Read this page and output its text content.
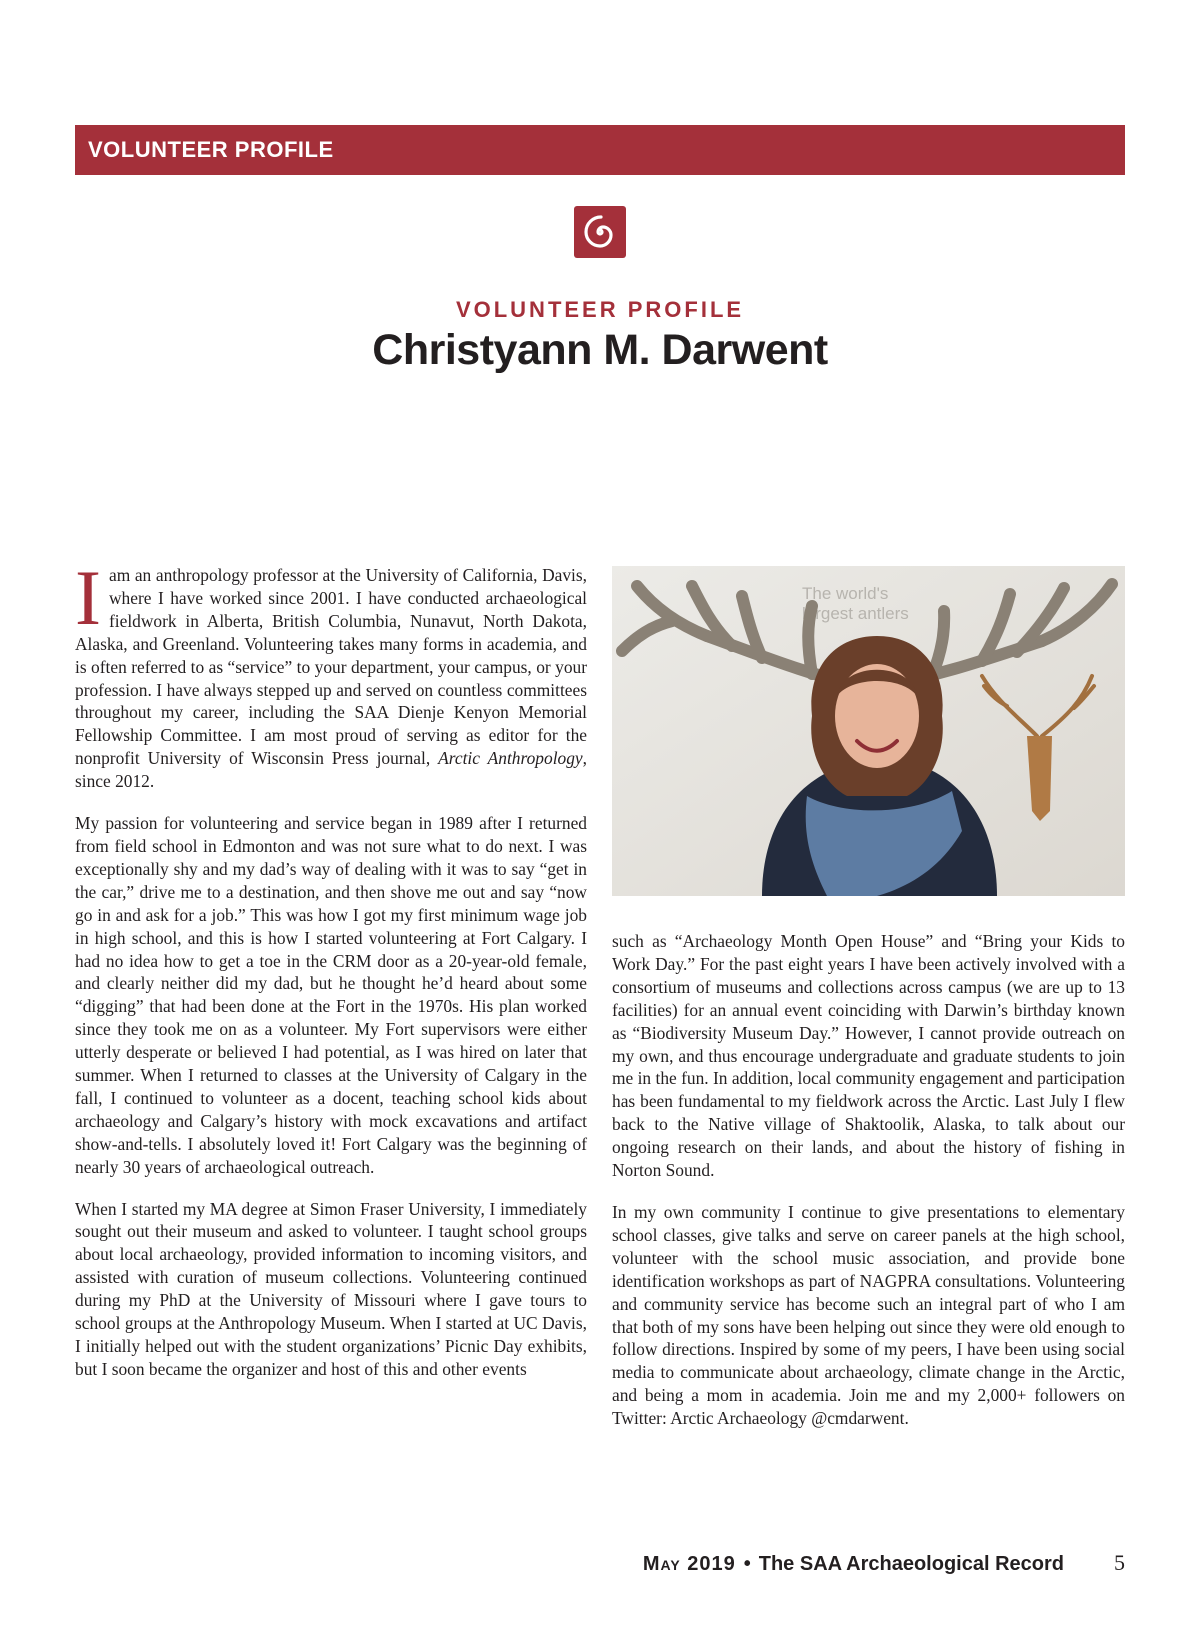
VOLUNTEER PROFILE
VOLUNTEER PROFILE
Christyann M. Darwent

Iam an anthropology professor at the University of California, Davis, where I have worked since 2001. I have conducted archaeological fieldwork in Alberta, British Columbia, Nunavut, North Dakota, Alaska, and Greenland. Volunteering takes many forms in academia, and is often referred to as “service” to your department, your campus, or your profession. I have always stepped up and served on countless committees throughout my career, including the SAA Dienje Kenyon Memorial Fellowship Committee. I am most proud of serving as editor for the nonprofit University of Wisconsin Press journal, Arctic Anthropology, since 2012.

My passion for volunteering and service began in 1989 after I returned from field school in Edmonton and was not sure what to do next. I was exceptionally shy and my dad’s way of dealing with it was to say “get in the car,” drive me to a destination, and then shove me out and say “now go in and ask for a job.” This was how I got my first minimum wage job in high school, and this is how I started volunteering at Fort Calgary. I had no idea how to get a toe in the CRM door as a 20-year-old female, and clearly neither did my dad, but he thought he’d heard about some “digging” that had been done at the Fort in the 1970s. His plan worked since they took me on as a volunteer. My Fort supervisors were either utterly desperate or believed I had potential, as I was hired on later that summer. When I returned to classes at the University of Calgary in the fall, I continued to volunteer as a docent, teaching school kids about archaeology and Calgary’s history with mock excavations and artifact show-and-tells. I absolutely loved it! Fort Calgary was the beginning of nearly 30 years of archaeological outreach.

When I started my MA degree at Simon Fraser University, I immediately sought out their museum and asked to volunteer. I taught school groups about local archaeology, provided information to incoming visitors, and assisted with curation of museum collections. Volunteering continued during my PhD at the University of Missouri where I gave tours to school groups at the Anthropology Museum. When I started at UC Davis, I initially helped out with the student organizations’ Picnic Day exhibits, but I soon became the organizer and host of this and other events

The world's
largest antlers

such as “Archaeology Month Open House” and “Bring your Kids to Work Day.” For the past eight years I have been actively involved with a consortium of museums and collections across campus (we are up to 13 facilities) for an annual event coinciding with Darwin’s birthday known as “Biodiversity Museum Day.” However, I cannot provide outreach on my own, and thus encourage undergraduate and graduate students to join me in the fun. In addition, local community engagement and participation has been fundamental to my fieldwork across the Arctic. Last July I flew back to the Native village of Shaktoolik, Alaska, to talk about our ongoing research on their lands, and about the history of fishing in Norton Sound.

In my own community I continue to give presentations to elementary school classes, give talks and serve on career panels at the high school, volunteer with the school music association, and provide bone identification workshops as part of NAGPRA consultations. Volunteering and community service has become such an integral part of who I am that both of my sons have been helping out since they were old enough to follow directions. Inspired by some of my peers, I have been using social media to communicate about archaeology, climate change in the Arctic, and being a mom in academia. Join me and my 2,000+ followers on Twitter: Arctic Archaeology @cmdarwent.

May 2019 • The SAA Archaeological Record 5
